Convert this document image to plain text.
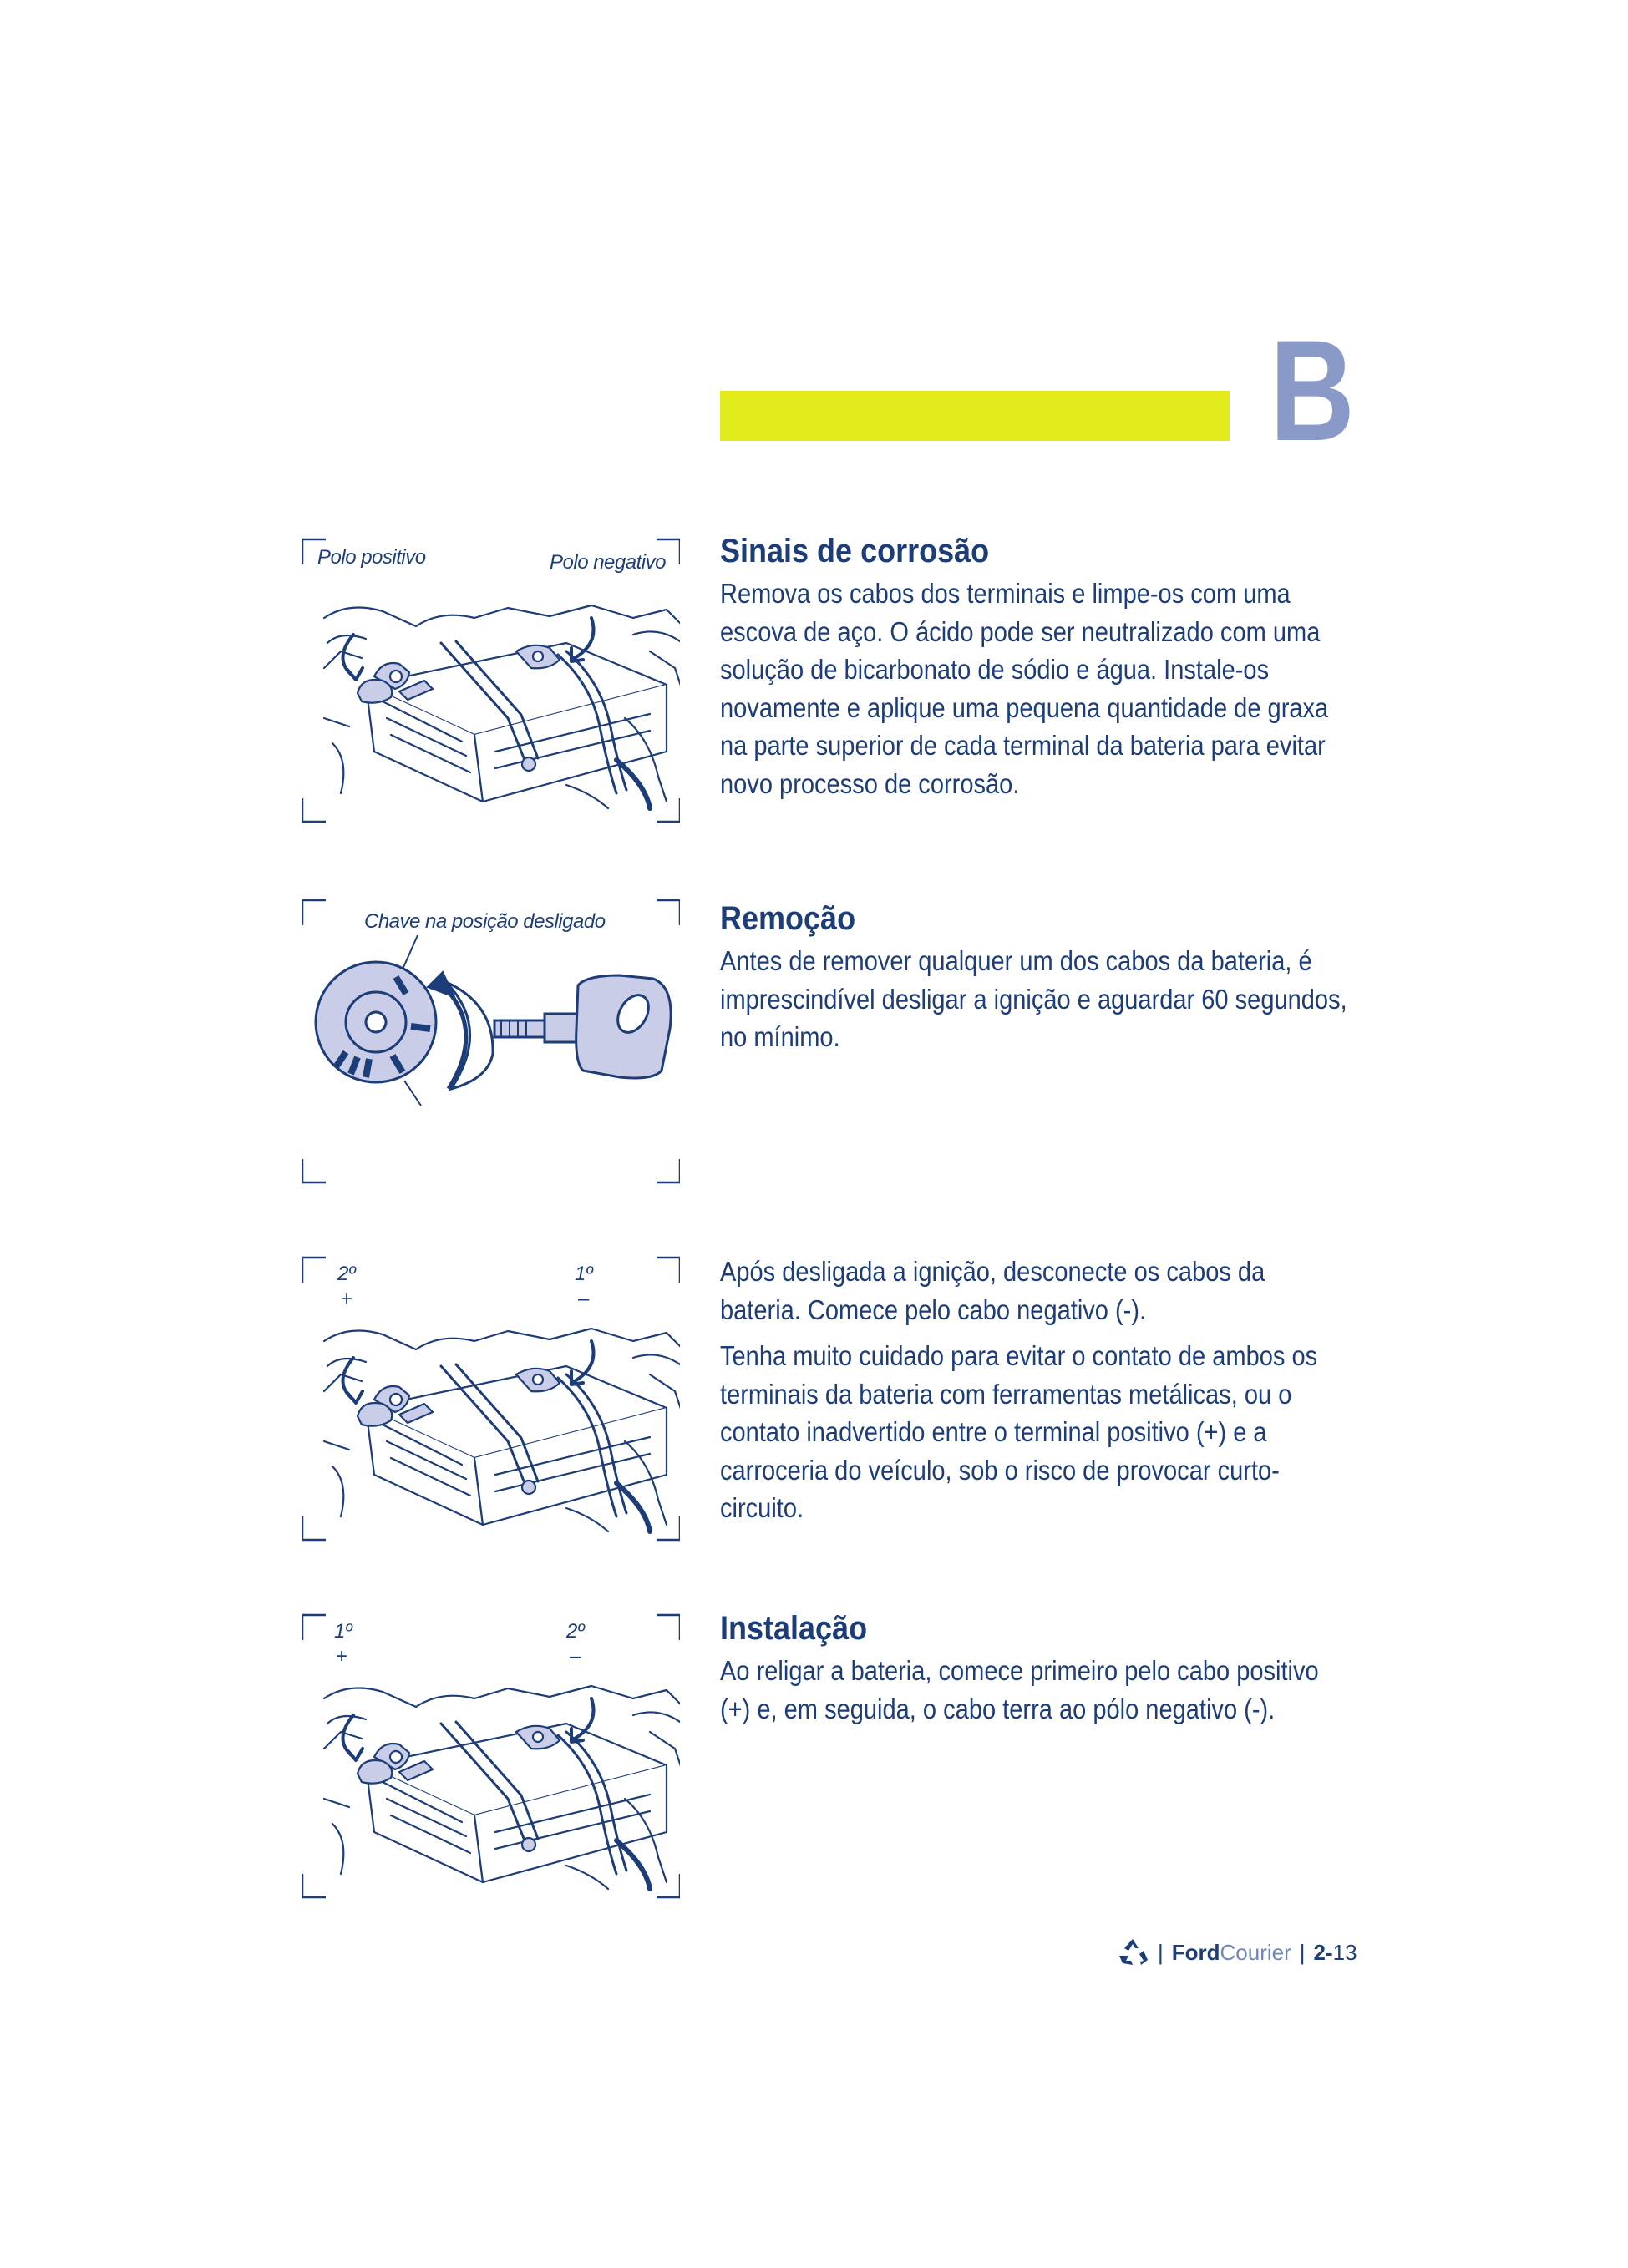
B
Polo positivo	Polo negativo
Chave na posição desligado
2º
+
1º
–
1º
+
2º
–
Sinais de corrosão

Remova os cabos dos terminais e limpe-os com uma escova de aço. O ácido pode ser neutralizado com uma solução de bicarbonato de sódio e água. Instale-os novamente e aplique uma pequena quantidade de graxa na parte superior de cada terminal da bateria para evitar novo processo de corrosão.

Remoção

Antes de remover qualquer um dos cabos da bateria, é imprescindível desligar a ignição e aguardar 60 segundos, no mínimo.

Após desligada a ignição, desconecte os cabos da bateria. Comece pelo cabo negativo (-).

Tenha muito cuidado para evitar o contato de ambos os terminais da bateria com ferramentas metálicas, ou o contato inadvertido entre o terminal positivo (+) e a carroceria do veículo, sob o risco de provocar curto-circuito.

Instalação

Ao religar a bateria, comece primeiro pelo cabo positivo (+) e, em seguida, o cabo terra ao pólo negativo (-).

| Ford Courier | 2- 13
